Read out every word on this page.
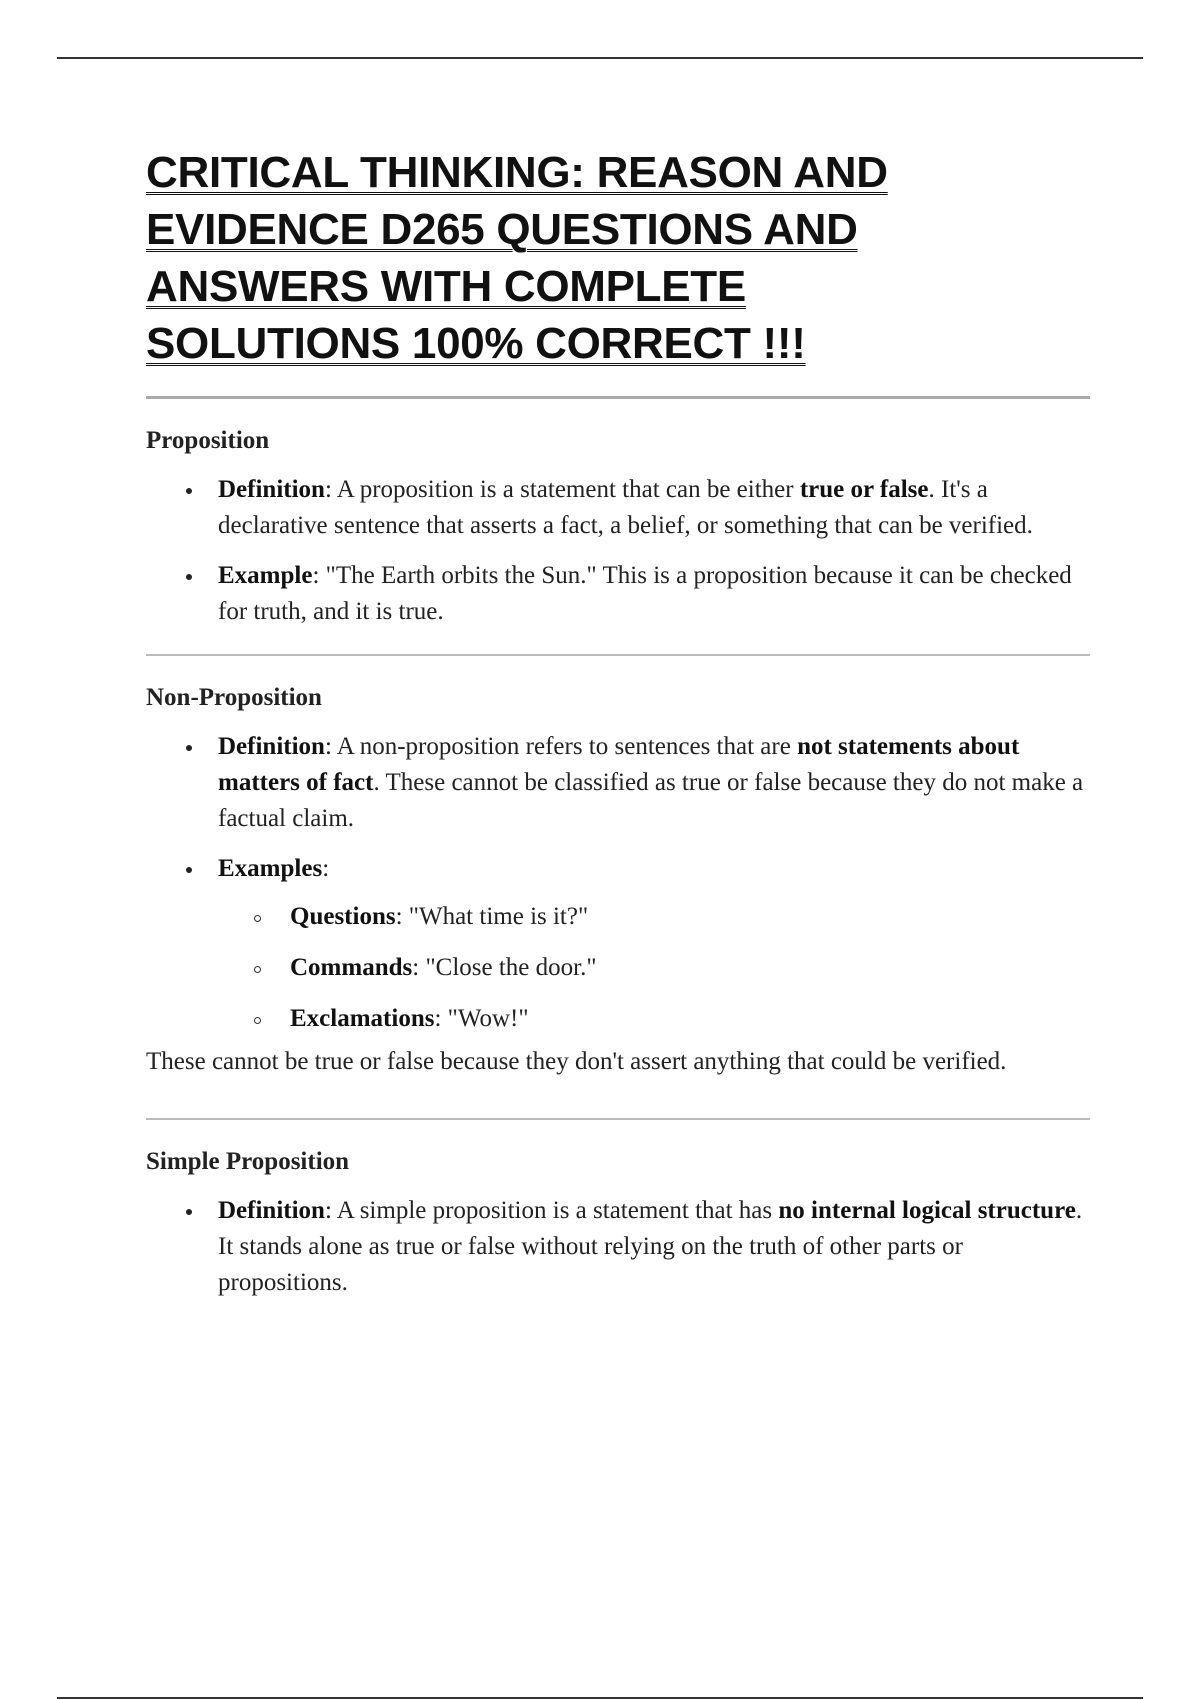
CRITICAL THINKING: REASON AND
EVIDENCE D265 QUESTIONS AND
ANSWERS WITH COMPLETE
SOLUTIONS 100% CORRECT !!!
Proposition
Definition: A proposition is a statement that can be either true or false. It's a declarative sentence that asserts a fact, a belief, or something that can be verified.
Example: "The Earth orbits the Sun." This is a proposition because it can be checked for truth, and it is true.
Non-Proposition
Definition: A non-proposition refers to sentences that are not statements about matters of fact. These cannot be classified as true or false because they do not make a factual claim.
Examples:
Questions: "What time is it?"
Commands: "Close the door."
Exclamations: "Wow!"

These cannot be true or false because they don't assert anything that could be verified.

Simple Proposition
Definition: A simple proposition is a statement that has no internal logical structure. It stands alone as true or false without relying on the truth of other parts or propositions.
